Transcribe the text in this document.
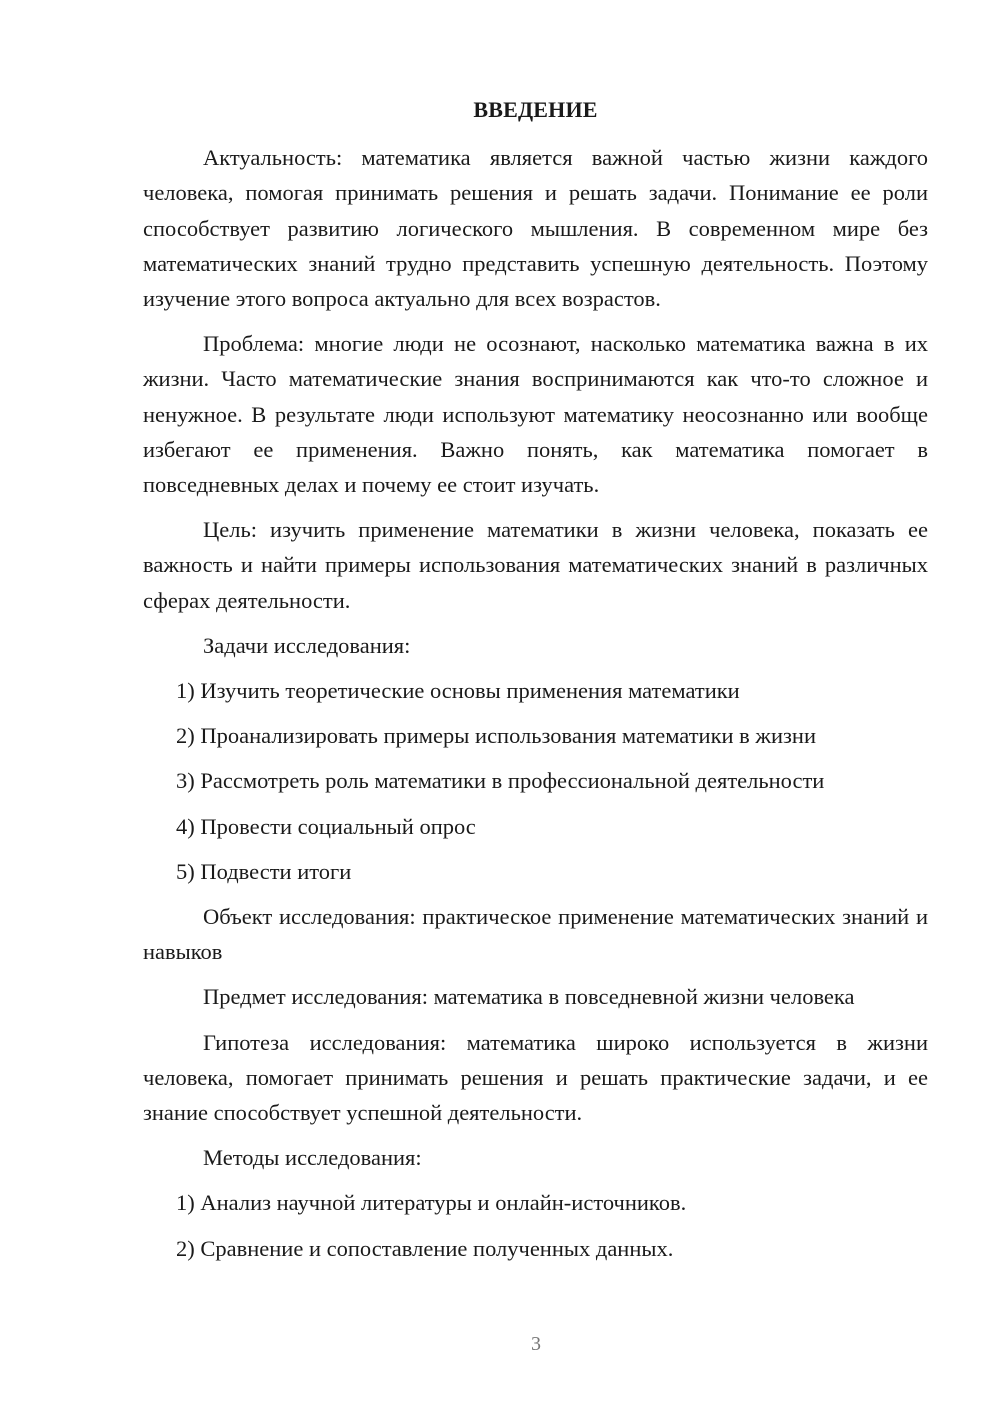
ВВЕДЕНИЕ

Актуальность: математика является важной частью жизни каждого человека, помогая принимать решения и решать задачи. Понимание ее роли способствует развитию логического мышления. В современном мире без математических знаний трудно представить успешную деятельность. Поэтому изучение этого вопроса актуально для всех возрастов.

Проблема: многие люди не осознают, насколько математика важна в их жизни. Часто математические знания воспринимаются как что-то сложное и ненужное. В результате люди используют математику неосознанно или вообще избегают ее применения. Важно понять, как математика помогает в повседневных делах и почему ее стоит изучать.

Цель: изучить применение математики в жизни человека, показать ее важность и найти примеры использования математических знаний в различных сферах деятельности.

Задачи исследования:

1) Изучить теоретические основы применения математики
2) Проанализировать примеры использования математики в жизни
3) Рассмотреть роль математики в профессиональной деятельности
4) Провести социальный опрос
5) Подвести итоги

Объект исследования: практическое применение математических знаний и навыков

Предмет исследования: математика в повседневной жизни человека

Гипотеза исследования: математика широко используется в жизни человека, помогает принимать решения и решать практические задачи, и ее знание способствует успешной деятельности.

Методы исследования:

1) Анализ научной литературы и онлайн-источников.
2) Сравнение и сопоставление полученных данных.
3
